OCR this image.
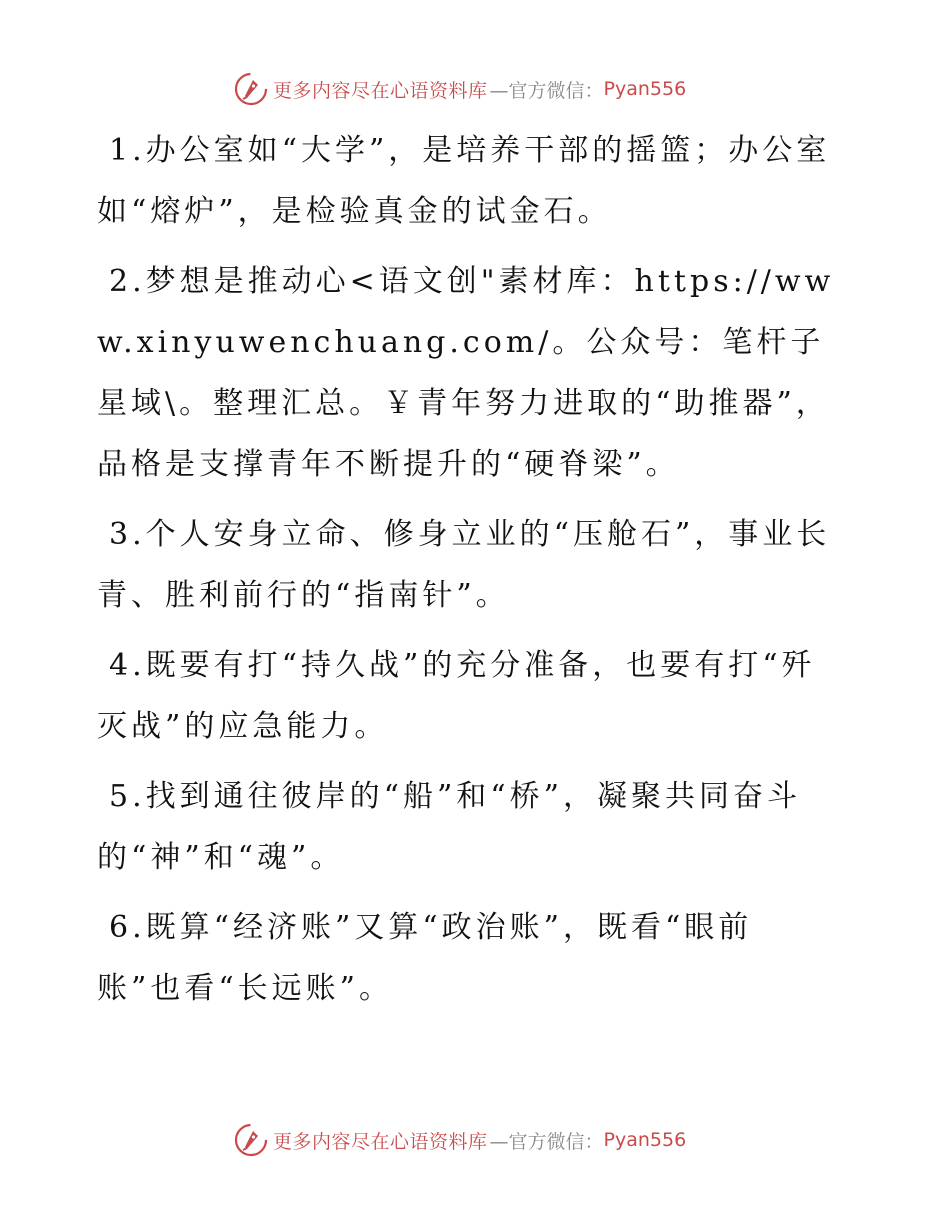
更多内容尽在心语资料库 —官方微信： Pyan556

1.办公室如“大学”，是培养干部的摇篮；办公室如“熔炉”，是检验真金的试金石。

2.梦想是推动心<语文创"素材库：https://www.xinyuwenchuang.com/。公众号：笔杆子星域\。整理汇总。￥青年努力进取的“助推器”，品格是支撑青年不断提升的“硬脊梁”。

3.个人安身立命、修身立业的“压舱石”，事业长青、胜利前行的“指南针”。

4.既要有打“持久战”的充分准备，也要有打“歼灭战”的应急能力。

5.找到通往彼岸的“船”和“桥”，凝聚共同奋斗的“神”和“魂”。

6.既算“经济账”又算“政治账”，既看“眼前账”也看“长远账”。

更多内容尽在心语资料库 —官方微信： Pyan556
